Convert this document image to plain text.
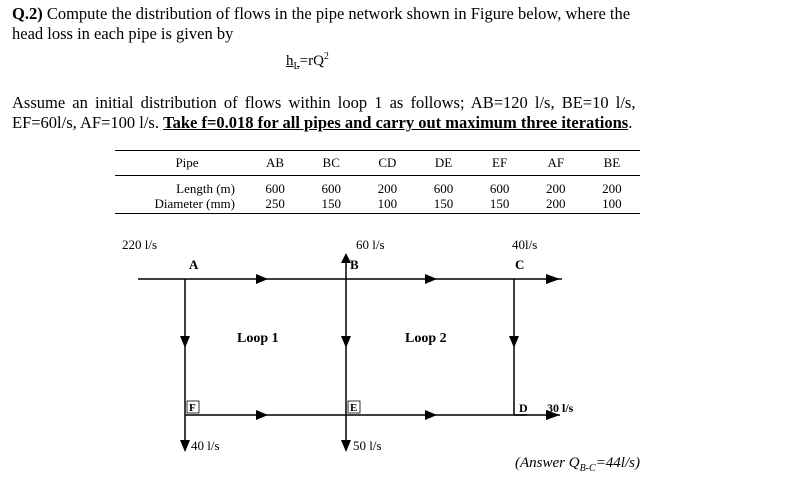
Q.2) Compute the distribution of flows in the pipe network shown in Figure below, where the
head loss in each pipe is given by
$h_L=rQ^2$
Assume an initial distribution of flows within loop 1 as follows; AB=120 l/s, BE=10 l/s,
EF=60l/s, AF=100 l/s. Take f=0.018 for all pipes and carry out maximum three iterations.
Pipe	AB	BC	CD	DE	EF	AF	BE
Length (m)	600	600	200	600	600	200	200
Diameter (mm)	250	150	100	150	150	200	100
220 l/s
A
60 l/s
B
40l/s
C
Loop 1	Loop 2
F	E	D 30 l/s
40 l/s	50 l/s
(Answer $Q_{B-C}=44l/s$)
